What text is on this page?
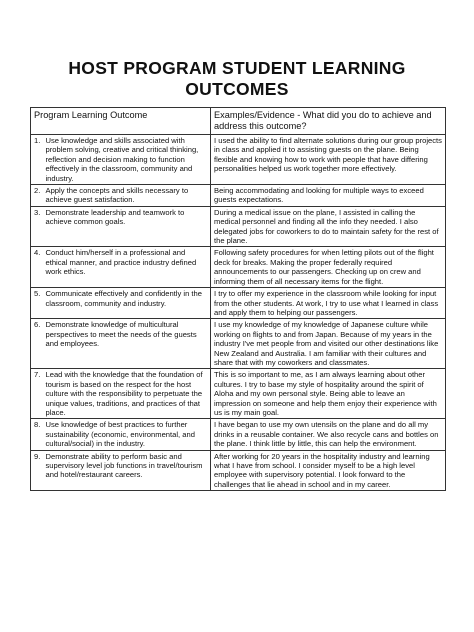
HOST PROGRAM STUDENT LEARNING
OUTCOMES
Program Learning Outcome		Examples/Evidence - What did you do to achieve and address this outcome?
1.	Use knowledge and skills associated with problem solving, creative and critical thinking, reflection and decision making to function effectively in the classroom, community and industry.	I used the ability to find alternate solutions during our group projects in class and applied it to assisting guests on the plane. Being flexible and knowing how to work with people that have differing personalities helped us work together more effectively.
2.	Apply the concepts and skills necessary to achieve guest satisfaction.	Being accommodating and looking for multiple ways to exceed guests expectations.
3.	Demonstrate leadership and teamwork to achieve common goals.	During a medical issue on the plane, I assisted in calling the medical personnel and finding all the info they needed. I also delegated jobs for coworkers to do to maintain safety for the rest of the plane.
4.	Conduct him/herself in a professional and ethical manner, and practice industry defined work ethics.	Following safety procedures for when letting pilots out of the flight deck for breaks. Making the proper federally required announcements to our passengers. Checking up on crew and informing them of all necessary items for the flight.
5.	Communicate effectively and confidently in the classroom, community and industry.	I try to offer my experience in the classroom while looking for input from the other students. At work, I try to use what I learned in class and apply them to helping our passengers.
6.	Demonstrate knowledge of multicultural perspectives to meet the needs of the guests and employees.	I use my knowledge of my knowledge of Japanese culture while working on flights to and from Japan. Because of my years in the industry I've met people from and visited our other destinations like New Zealand and Australia. I am familiar with their cultures and share that with my coworkers and classmates.
7.	Lead with the knowledge that the foundation of tourism is based on the respect for the host culture with the responsibility to perpetuate the unique values, traditions, and practices of that place.	This is so important to me, as I am always learning about other cultures. I try to base my style of hospitality around the spirit of Aloha and my own personal style. Being able to leave an impression on someone and help them enjoy their experience with us is my main goal.
8.	Use knowledge of best practices to further sustainability (economic, environmental, and cultural/social) in the industry.	I have began to use my own utensils on the plane and do all my drinks in a reusable container. We also recycle cans and bottles on the plane. I think little by little, this can help the environment.
9.	Demonstrate ability to perform basic and supervisory level job functions in travel/tourism and hotel/restaurant careers.	After working for 20 years in the hospitality industry and learning what I have from school. I consider myself to be a high level employee with supervisory potential. I look forward to the challenges that lie ahead in school and in my career.
